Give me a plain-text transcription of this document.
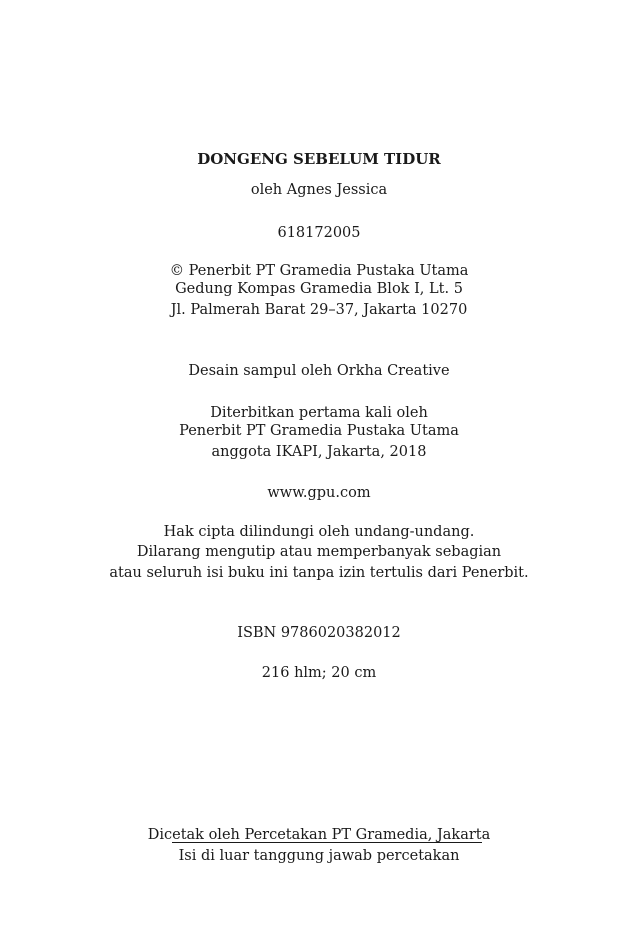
DONGENG SEBELUM TIDUR
oleh Agnes Jessica
618172005
© Penerbit PT Gramedia Pustaka Utama
Gedung Kompas Gramedia Blok I, Lt. 5
Jl. Palmerah Barat 29–37, Jakarta 10270
Desain sampul oleh Orkha Creative
Diterbitkan pertama kali oleh
Penerbit PT Gramedia Pustaka Utama
anggota IKAPI, Jakarta, 2018
www.gpu.com
Hak cipta dilindungi oleh undang-undang.
Dilarang mengutip atau memperbanyak sebagian
atau seluruh isi buku ini tanpa izin tertulis dari Penerbit.
ISBN 9786020382012
216 hlm; 20 cm
Dicetak oleh Percetakan PT Gramedia, Jakarta
Isi di luar tanggung jawab percetakan
